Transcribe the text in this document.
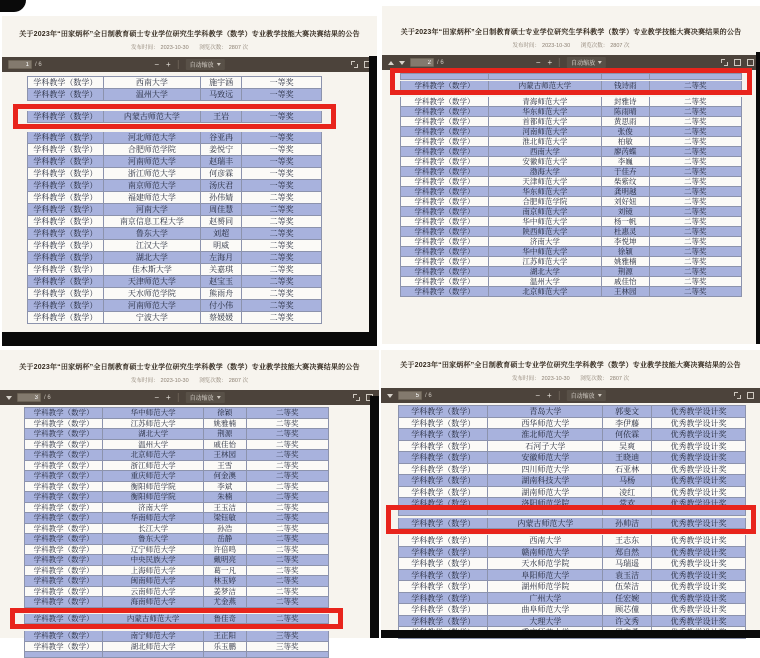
关于2023年“田家炳杯”全日制教育硕士专业学位研究生学科教学（数学）专业教学技能大赛决赛结果的公告
发布时间： 2023-10-30 浏览次数： 2807 次
1
/ 6	− +	自动缩放
学科教学（数学）	西南大学	施宇涵	一等奖
学科教学（数学）	温州大学	马致远	一等奖
学科教学（数学）	内蒙古师范大学	王岩	一等奖
学科教学（数学）	河北师范大学	谷亚冉	一等奖
学科教学（数学）	合肥师范学院	姜悦宁	一等奖
学科教学（数学）	河南师范大学	赵瑞丰	一等奖
学科教学（数学）	浙江师范大学	何彦霖	一等奖
学科教学（数学）	南京师范大学	汤庆君	一等奖
学科教学（数学）	福建师范大学	孙伟婧	二等奖
学科教学（数学）	河南大学	周佳慧	二等奖
学科教学（数学）	南京信息工程大学	赵赟同	二等奖
学科教学（数学）	鲁东大学	刘超	二等奖
学科教学（数学）	江汉大学	明威	二等奖
学科教学（数学）	湖北大学	左海月	二等奖
学科教学（数学）	佳木斯大学	关嘉琪	二等奖
学科教学（数学）	天津师范大学	赵宝玉	二等奖
学科教学（数学）	天水师范学院	熊雨舟	二等奖
学科教学（数学）	河南师范大学	付小伟	二等奖
学科教学（数学）	宁波大学	蔡媛媛	二等奖
关于2023年“田家炳杯”全日制教育硕士专业学位研究生学科教学（数学）专业教学技能大赛决赛结果的公告
发布时间： 2023-10-30 浏览次数： 2807 次
2
/ 6	− +	自动缩放
学科教学（数学）	内蒙古师范大学	钱诗雨	二等奖
学科教学（数学）	青海师范大学	封雅诗	二等奖
学科教学（数学）	华东师范大学	陈雨晴	二等奖
学科教学（数学）	首都师范大学	黄思雨	二等奖
学科教学（数学）	河南师范大学	张俊	二等奖
学科教学（数学）	淮北师范大学	柏敏	二等奖
学科教学（数学）	西南大学	廖芮蝶	二等奖
学科教学（数学）	安徽师范大学	李巍	二等奖
学科教学（数学）	渤海大学	于佳卉	二等奖
学科教学（数学）	天津师范大学	柴紫纹	二等奖
学科教学（数学）	华东师范大学	龚明越	二等奖
学科教学（数学）	合肥师范学院	刘好妞	二等奖
学科教学（数学）	南京师范大学	刘镜	二等奖
学科教学（数学）	华中师范大学	杨一帆	二等奖
学科教学（数学）	陕西师范大学	杜惠灵	二等奖
学科教学（数学）	济南大学	李悦坤	二等奖
学科教学（数学）	华中师范大学	徐颖	二等奖
学科教学（数学）	江苏师范大学	姚雅楠	二等奖
学科教学（数学）	湖北大学	荆源	二等奖
学科教学（数学）	温州大学	戚佳怡	二等奖
学科教学（数学）	北京师范大学	王林园	二等奖
关于2023年“田家炳杯”全日制教育硕士专业学位研究生学科教学（数学）专业教学技能大赛决赛结果的公告
发布时间： 2023-10-30 浏览次数： 2807 次
3
/ 6	− +	自动缩放
学科教学（数学）	华中师范大学	徐颖	二等奖
学科教学（数学）	江苏师范大学	姚雅楠	二等奖
学科教学（数学）	湖北大学	荆源	二等奖
学科教学（数学）	温州大学	戚佳怡	二等奖
学科教学（数学）	北京师范大学	王林园	二等奖
学科教学（数学）	浙江师范大学	王雪	二等奖
学科教学（数学）	重庆师范大学	何金澳	二等奖
学科教学（数学）	衡阳师范学院	李斌	二等奖
学科教学（数学）	衡阳师范学院	朱楠	二等奖
学科教学（数学）	济南大学	王玉洁	二等奖
学科教学（数学）	华南师范大学	梁钰敏	二等奖
学科教学（数学）	长江大学	孙浩	二等奖
学科教学（数学）	鲁东大学	岳静	二等奖
学科教学（数学）	辽宁师范大学	许倍鸣	二等奖
学科教学（数学）	中央民族大学	戴明亮	二等奖
学科教学（数学）	上海师范大学	葛一凡	二等奖
学科教学（数学）	闽南师范大学	林玉婷	二等奖
学科教学（数学）	云南师范大学	姜梦洁	二等奖
学科教学（数学）	海南师范大学	尤金燕	二等奖
学科教学（数学）	内蒙古师范大学	鲁佳奇	二等奖
学科教学（数学）	南宁师范大学	王正阳	三等奖
学科教学（数学）	湖北师范大学	乐玉鹏	三等奖
关于2023年“田家炳杯”全日制教育硕士专业学位研究生学科教学（数学）专业教学技能大赛决赛结果的公告
发布时间： 2023-10-30 浏览次数： 2807 次
5
/ 6	− +	自动缩放
学科教学（数学）	青岛大学	郭斐文	优秀教学设计奖
学科教学（数学）	西华师范大学	李伊藤	优秀教学设计奖
学科教学（数学）	淮北师范大学	何依霖	优秀教学设计奖
学科教学（数学）	石河子大学	吴爽	优秀教学设计奖
学科教学（数学）	安徽师范大学	王晓迪	优秀教学设计奖
学科教学（数学）	四川师范大学	石亚林	优秀教学设计奖
学科教学（数学）	湖南科技大学	马杨	优秀教学设计奖
学科教学（数学）	湖南师范大学	凌红	优秀教学设计奖
学科教学（数学）	洛阳师范学院	常欢	优秀教学设计奖
学科教学（数学）	内蒙古师范大学	孙帅洁	优秀教学设计奖
学科教学（数学）	西南大学	王志东	优秀教学设计奖
学科教学（数学）	赣南师范大学	郑自然	优秀教学设计奖
学科教学（数学）	天水师范学院	马瑞遥	优秀教学设计奖
学科教学（数学）	阜阳师范大学	袁玉洁	优秀教学设计奖
学科教学（数学）	湖州师范学院	伍荣洁	优秀教学设计奖
学科教学（数学）	广州大学	任宏婉	优秀教学设计奖
学科教学（数学）	曲阜师范大学	顾芯僮	优秀教学设计奖
学科教学（数学）	大理大学	许文秀	优秀教学设计奖
